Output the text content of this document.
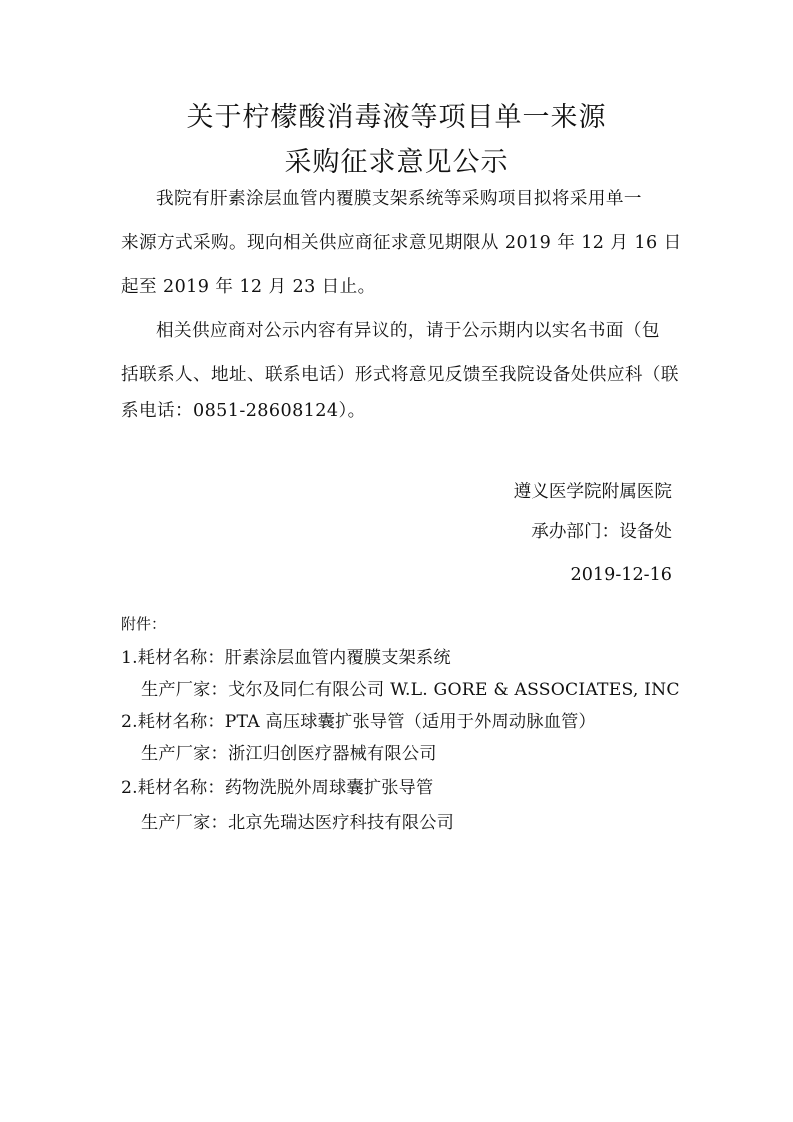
关于柠檬酸消毒液等项目单一来源
采购征求意见公示
我院有肝素涂层血管内覆膜支架系统等采购项目拟将采用单一
来源方式采购。现向相关供应商征求意见期限从 2019 年 12 月 16 日
起至 2019 年 12 月 23 日止。
相关供应商对公示内容有异议的，请于公示期内以实名书面（包
括联系人、地址、联系电话）形式将意见反馈至我院设备处供应科（联
系电话：0851-28608124）。
遵义医学院附属医院
承办部门：设备处
2019-12-16
附件：
1.耗材名称：肝素涂层血管内覆膜支架系统
生产厂家：戈尔及同仁有限公司 W.L. GORE & ASSOCIATES, INC
2.耗材名称：PTA 高压球囊扩张导管（适用于外周动脉血管）
生产厂家：浙江归创医疗器械有限公司
2.耗材名称：药物洗脱外周球囊扩张导管
生产厂家：北京先瑞达医疗科技有限公司
